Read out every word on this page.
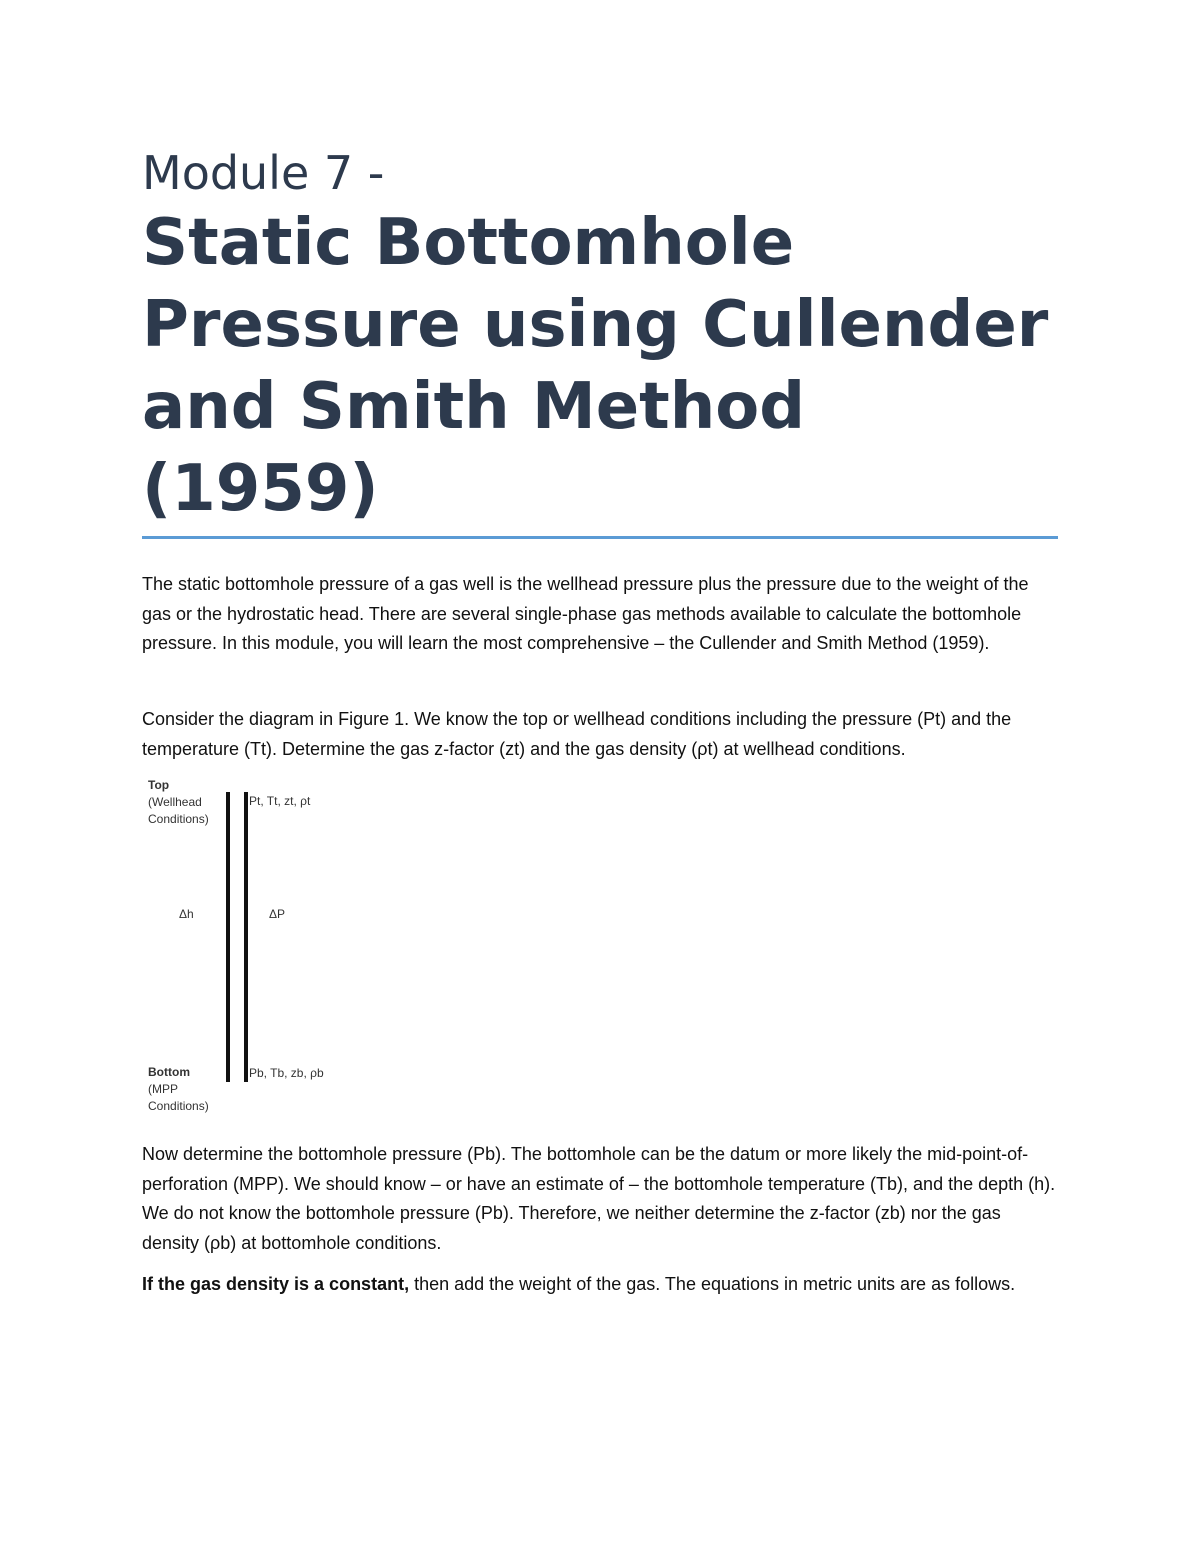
Module 7 -

Static Bottomhole Pressure using Cullender and Smith Method (1959)

The static bottomhole pressure of a gas well is the wellhead pressure plus the pressure due to the weight of the gas or the hydrostatic head. There are several single-phase gas methods available to calculate the bottomhole pressure. In this module, you will learn the most comprehensive – the Cullender and Smith Method (1959).

Consider the diagram in Figure 1. We know the top or wellhead conditions including the pressure (Pt) and the temperature (Tt). Determine the gas z-factor (zt) and the gas density (ρt) at wellhead conditions.

Top
(Wellhead
Conditions)
Pt, Tt, zt, ρt
Δh	ΔP
Pb, Tb, zb, ρb
Bottom
(MPP
Conditions)

Now determine the bottomhole pressure (Pb). The bottomhole can be the datum or more likely the mid-point-of-perforation (MPP). We should know – or have an estimate of – the bottomhole temperature (Tb), and the depth (h). We do not know the bottomhole pressure (Pb). Therefore, we neither determine the z-factor (zb) nor the gas density (ρb) at bottomhole conditions.

If the gas density is a constant, then add the weight of the gas. The equations in metric units are as follows.
